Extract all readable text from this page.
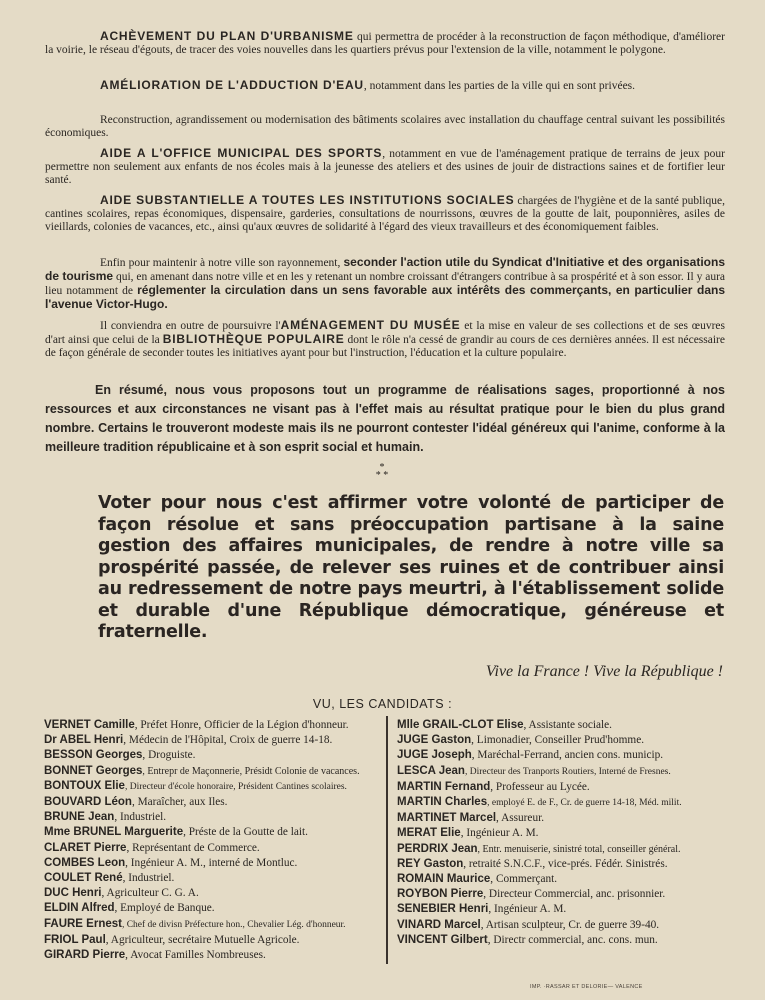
ACHÈVEMENT DU PLAN D'URBANISME qui permettra de procéder à la reconstruction de façon méthodique, d'améliorer la voirie, le réseau d'égouts, de tracer des voies nouvelles dans les quartiers prévus pour l'extension de la ville, notamment le polygone.
AMÉLIORATION DE L'ADDUCTION D'EAU, notamment dans les parties de la ville qui en sont privées.
Reconstruction, agrandissement ou modernisation des bâtiments scolaires avec installation du chauffage central suivant les possibilités économiques.
AIDE A L'OFFICE MUNICIPAL DES SPORTS, notamment en vue de l'aménagement pratique de terrains de jeux pour permettre non seulement aux enfants de nos écoles mais à la jeunesse des ateliers et des usines de jouir de distractions saines et de fortifier leur santé.
AIDE SUBSTANTIELLE A TOUTES LES INSTITUTIONS SOCIALES chargées de l'hygiène et de la santé publique, cantines scolaires, repas économiques, dispensaire, garderies, consultations de nourrissons, œuvres de la goutte de lait, pouponnières, asiles de vieillards, colonies de vacances, etc., ainsi qu'aux œuvres de solidarité à l'égard des vieux travailleurs et des économiquement faibles.
Enfin pour maintenir à notre ville son rayonnement, seconder l'action utile du Syndicat d'Initiative et des organisations de tourisme qui, en amenant dans notre ville et en les y retenant un nombre croissant d'étrangers contribue à sa prospérité et à son essor. Il y aura lieu notamment de réglementer la circulation dans un sens favorable aux intérêts des commerçants, en particulier dans l'avenue Victor-Hugo.
Il conviendra en outre de poursuivre l'AMÉNAGEMENT DU MUSÉE et la mise en valeur de ses collections et de ses œuvres d'art ainsi que celui de la BIBLIOTHÈQUE POPULAIRE dont le rôle n'a cessé de grandir au cours de ces dernières années. Il est nécessaire de façon générale de seconder toutes les initiatives ayant pour but l'instruction, l'éducation et la culture populaire.
En résumé, nous vous proposons tout un programme de réalisations sages, proportionné à nos ressources et aux circonstances ne visant pas à l'effet mais au résultat pratique pour le bien du plus grand nombre. Certains le trouveront modeste mais ils ne pourront contester l'idéal généreux qui l'anime, conforme à la meilleure tradition républicaine et à son esprit social et humain.
*
* *
Voter pour nous c'est affirmer votre volonté de participer de façon résolue et sans préoccupation partisane à la saine gestion des affaires municipales, de rendre à notre ville sa prospérité passée, de relever ses ruines et de contribuer ainsi au redressement de notre pays meurtri, à l'établissement solide et durable d'une République démocratique, généreuse et fraternelle.
Vive la France ! Vive la République !
VU, LES CANDIDATS :
VERNET Camille, Préfet Honre, Officier de la Légion d'honneur.
Dr ABEL Henri, Médecin de l'Hôpital, Croix de guerre 14-18.
BESSON Georges, Droguiste.
BONNET Georges, Entrepr de Maçonnerie, Présidt Colonie de vacances.
BONTOUX Elie, Directeur d'école honoraire, Président Cantines scolaires.
BOUVARD Léon, Maraîcher, aux Iles.
BRUNE Jean, Industriel.
Mme BRUNEL Marguerite, Préste de la Goutte de lait.
CLARET Pierre, Représentant de Commerce.
COMBES Leon, Ingénieur A. M., interné de Montluc.
COULET René, Industriel.
DUC Henri, Agriculteur C. G. A.
ELDIN Alfred, Employé de Banque.
FAURE Ernest, Chef de divisn Préfecture hon., Chevalier Lég. d'honneur.
FRIOL Paul, Agriculteur, secrétaire Mutuelle Agricole.
GIRARD Pierre, Avocat Familles Nombreuses.
Mlle GRAIL-CLOT Elise, Assistante sociale.
JUGE Gaston, Limonadier, Conseiller Prud'homme.
JUGE Joseph, Maréchal-Ferrand, ancien cons. municip.
LESCA Jean, Directeur des Tranports Routiers, Interné de Fresnes.
MARTIN Fernand, Professeur au Lycée.
MARTIN Charles, employé E. de F., Cr. de guerre 14-18, Méd. milit.
MARTINET Marcel, Assureur.
MERAT Elie, Ingénieur A. M.
PERDRIX Jean, Entr. menuiserie, sinistré total, conseiller général.
REY Gaston, retraité S.N.C.F., vice-prés. Fédér. Sinistrés.
ROMAIN Maurice, Commerçant.
ROYBON Pierre, Directeur Commercial, anc. prisonnier.
SENEBIER Henri, Ingénieur A. M.
VINARD Marcel, Artisan sculpteur, Cr. de guerre 39-40.
VINCENT Gilbert, Directr commercial, anc. cons. mun.
IMP. ·RASSAR ET DELORIE— VALENCE
